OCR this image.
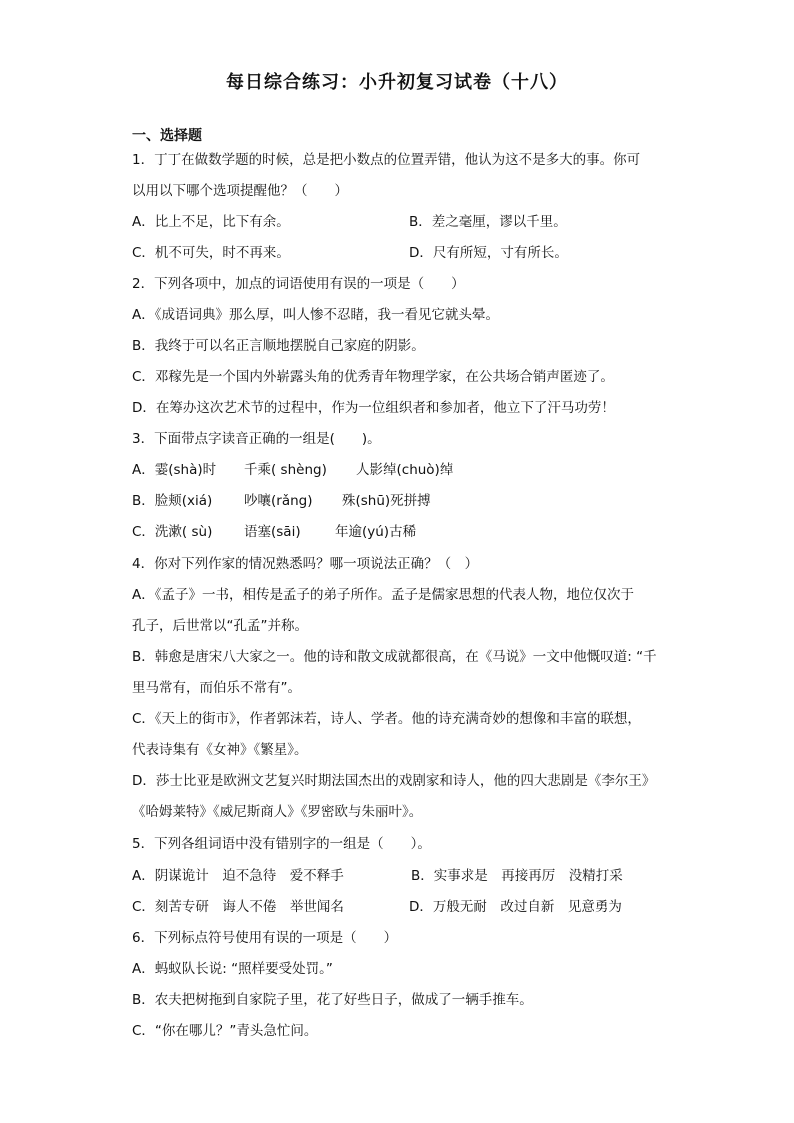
每日综合练习：小升初复习试卷（十八）
一、选择题
1．丁丁在做数学题的时候，总是把小数点的位置弄错，他认为这不是多大的事。你可
以用以下哪个选项提醒他？（　　）
A．比上不足，比下有余。	B．差之毫厘，谬以千里。
C．机不可失，时不再来。	D．尺有所短，寸有所长。
2．下列各项中，加点的词语使用有误的一项是（　　）
A．《成语词典》那么厚，叫人惨不忍睹，我一看见它就头晕。
B．我终于可以名正言顺地摆脱自己家庭的阴影。
C．邓稼先是一个国内外崭露头角的优秀青年物理学家，在公共场合销声匿迹了。
D．在筹办这次艺术节的过程中，作为一位组织者和参加者，他立下了汗马功劳！
3．下面带点字读音正确的一组是(　　)。
A．霎(shà)时 千乘( shèng) 人影绰(chuò)绰
B．脸颊(xiá) 吵嚷(rǎng) 殊(shū)死拼搏
C．洗漱( sù) 语塞(sāi)	年逾(yú)古稀
4．你对下列作家的情况熟悉吗？哪一项说法正确？（　）
A．《孟子》一书，相传是孟子的弟子所作。孟子是儒家思想的代表人物，地位仅次于
孔子，后世常以“孔孟”并称。
B．韩愈是唐宋八大家之一。他的诗和散文成就都很高，在《马说》一文中他慨叹道: “千
里马常有，而伯乐不常有”。
C．《天上的街市》，作者郭沫若，诗人、学者。他的诗充满奇妙的想像和丰富的联想，
代表诗集有《女神》《繁星》。
D．莎士比亚是欧洲文艺复兴时期法国杰出的戏剧家和诗人，他的四大悲剧是《李尔王》
《哈姆莱特》《威尼斯商人》《罗密欧与朱丽叶》。
5．下列各组词语中没有错别字的一组是（　　）。
A．阴谋诡计　迫不急待　爱不释手	B．实事求是　再接再厉　没精打采
C．刻苦专研　诲人不倦　举世闻名	D．万般无耐　改过自新　见意勇为
6．下列标点符号使用有误的一项是（　　）
A．蚂蚁队长说: “照样要受处罚。”
B．农夫把树拖到自家院子里，花了好些日子，做成了一辆手推车。
C．“你在哪儿？”青头急忙问。
